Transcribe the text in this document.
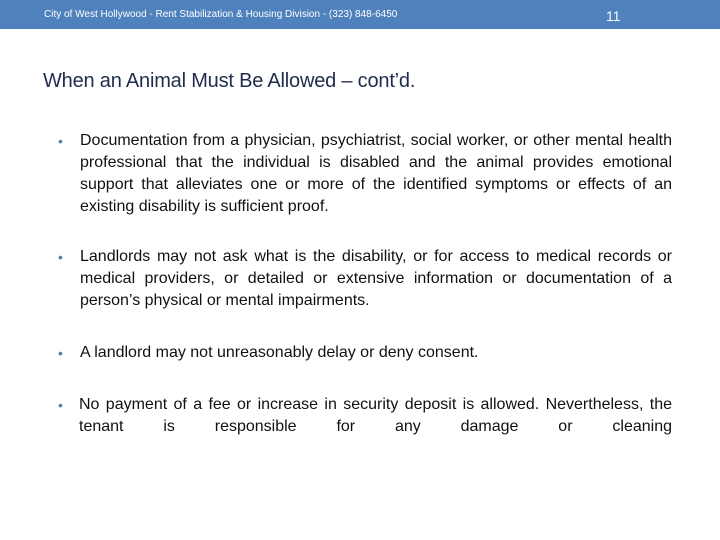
City of West Hollywood - Rent Stabilization & Housing Division - (323) 848-6450	11
When an Animal Must Be Allowed – cont’d.
• Documentation from a physician, psychiatrist, social worker, or other mental health professional that the individual is disabled and the animal provides emotional support that alleviates one or more of the identified symptoms or effects of an existing disability is sufficient proof.
• Landlords may not ask what is the disability, or for access to medical records or medical providers, or detailed or extensive information or documentation of a person’s physical or mental impairments.
• A landlord may not unreasonably delay or deny consent.
• No payment of a fee or increase in security deposit is allowed. Nevertheless, the tenant is responsible for any damage or cleaning
